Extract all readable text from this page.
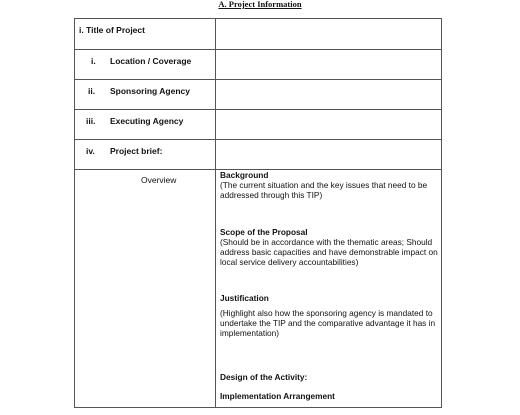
A. Project Information
i. Title of Project
i. Location / Coverage
ii. Sponsoring Agency
iii. Executing Agency
iv. Project brief:
Overview	Background
(The current situation and the key issues that need to be addressed through this TIP)
Scope of the Proposal
(Should be in accordance with the thematic areas; Should address basic capacities and have demonstrable impact on local service delivery accountabilities)
Justification
(Highlight also how the sponsoring agency is mandated to undertake the TIP and the comparative advantage it has in implementation)
Design of the Activity:
Implementation Arrangement
